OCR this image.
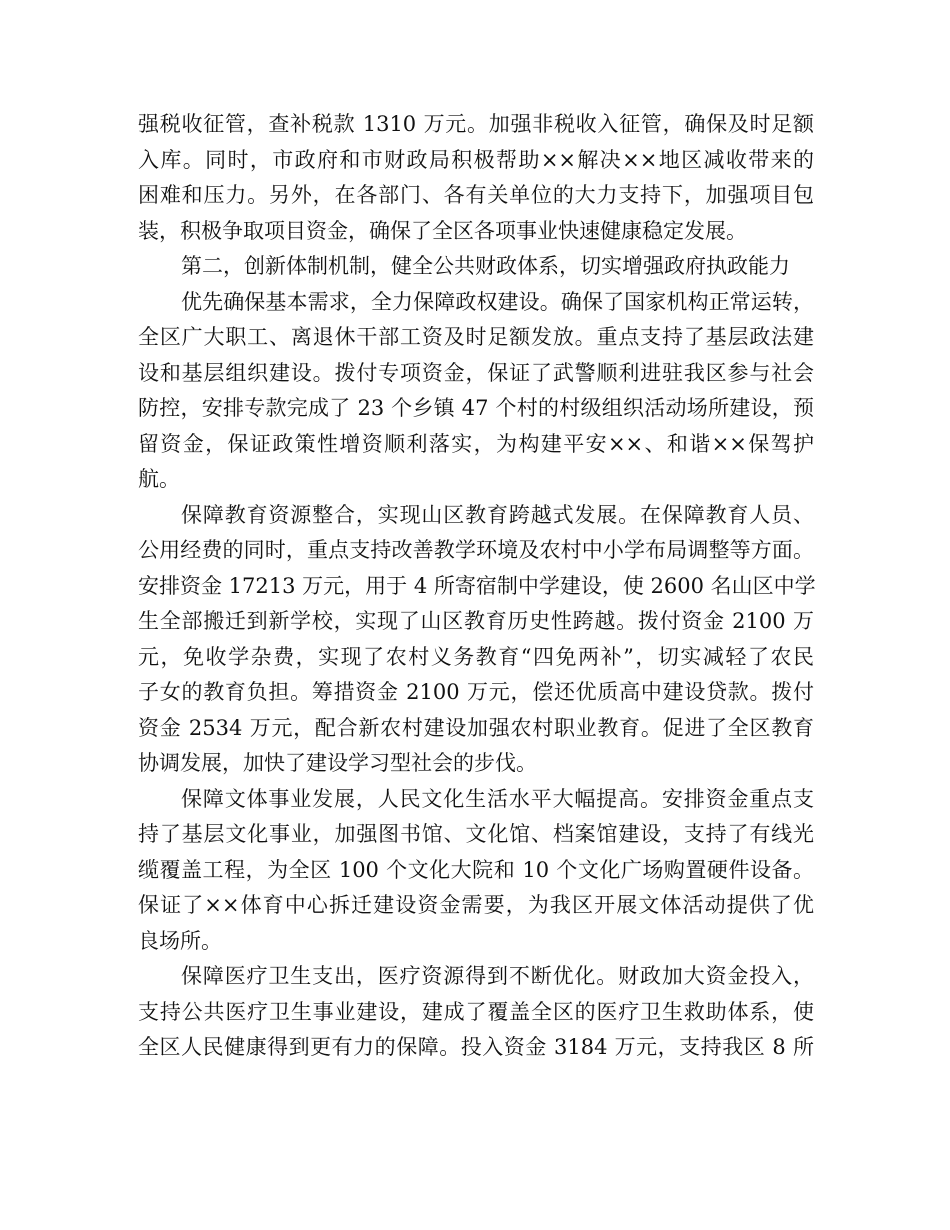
强税收征管，查补税款 1310 万元。加强非税收入征管，确保及时足额
入库。同时，市政府和市财政局积极帮助××解决××地区减收带来的
困难和压力。另外，在各部门、各有关单位的大力支持下，加强项目包
装，积极争取项目资金，确保了全区各项事业快速健康稳定发展。
第二，创新体制机制，健全公共财政体系，切实增强政府执政能力
优先确保基本需求，全力保障政权建设。确保了国家机构正常运转，
全区广大职工、离退休干部工资及时足额发放。重点支持了基层政法建
设和基层组织建设。拨付专项资金，保证了武警顺利进驻我区参与社会
防控，安排专款完成了 23 个乡镇 47 个村的村级组织活动场所建设，预
留资金，保证政策性增资顺利落实，为构建平安××、和谐××保驾护
航。
保障教育资源整合，实现山区教育跨越式发展。在保障教育人员、
公用经费的同时，重点支持改善教学环境及农村中小学布局调整等方面。
安排资金 17213 万元，用于 4 所寄宿制中学建设，使 2600 名山区中学
生全部搬迁到新学校，实现了山区教育历史性跨越。拨付资金 2100 万
元，免收学杂费，实现了农村义务教育“四免两补”，切实减轻了农民
子女的教育负担。筹措资金 2100 万元，偿还优质高中建设贷款。拨付
资金 2534 万元，配合新农村建设加强农村职业教育。促进了全区教育
协调发展，加快了建设学习型社会的步伐。
保障文体事业发展，人民文化生活水平大幅提高。安排资金重点支
持了基层文化事业，加强图书馆、文化馆、档案馆建设，支持了有线光
缆覆盖工程，为全区 100 个文化大院和 10 个文化广场购置硬件设备。
保证了××体育中心拆迁建设资金需要，为我区开展文体活动提供了优
良场所。
保障医疗卫生支出，医疗资源得到不断优化。财政加大资金投入，
支持公共医疗卫生事业建设，建成了覆盖全区的医疗卫生救助体系，使
全区人民健康得到更有力的保障。投入资金 3184 万元，支持我区 8 所
